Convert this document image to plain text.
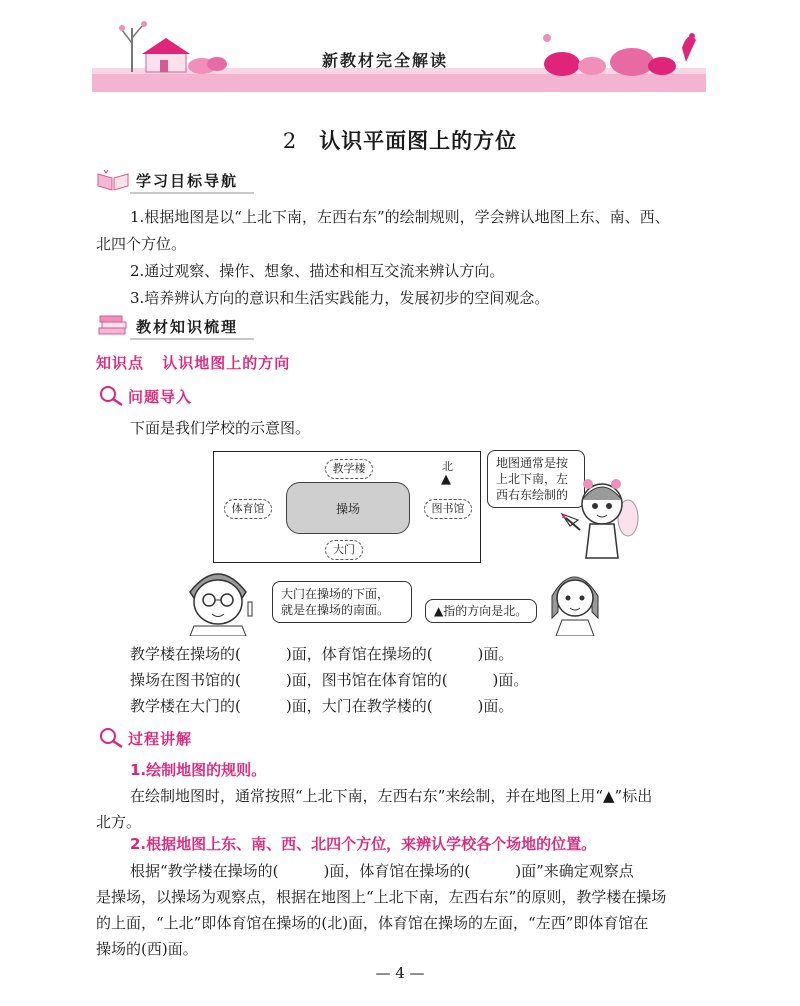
新教材完全解读
2 认识平面图上的方位
学习目标导航
1.根据地图是以“上北下南，左西右东”的绘制规则，学会辨认地图上东、南、西、
北四个方位。
2.通过观察、操作、想象、描述和相互交流来辨认方向。
3.培养辨认方向的意识和生活实践能力，发展初步的空间观念。
教材知识梳理
知识点 认识地图上的方向
问题导入
下面是我们学校的示意图。
教学楼
体育馆	操场	图书馆
大门
北
▲
地图通常是按
上北下南，左
西右东绘制的
大门在操场的下面，
就是在操场的南面。	▲指的方向是北。
教学楼在操场的(　　　)面，体育馆在操场的(　　　)面。
操场在图书馆的(　　　)面，图书馆在体育馆的(　　　)面。
教学楼在大门的(　　　)面，大门在教学楼的(　　　)面。
过程讲解
1.绘制地图的规则。
在绘制地图时，通常按照“上北下南，左西右东”来绘制，并在地图上用“▲”标出
北方。
2.根据地图上东、南、西、北四个方位，来辨认学校各个场地的位置。
根据“教学楼在操场的(　　　)面，体育馆在操场的(　　　)面”来确定观察点
是操场，以操场为观察点，根据在地图上“上北下南，左西右东”的原则，教学楼在操场
的上面，“上北”即体育馆在操场的(北)面，体育馆在操场的左面，“左西”即体育馆在
操场的(西)面。
— 4 —
